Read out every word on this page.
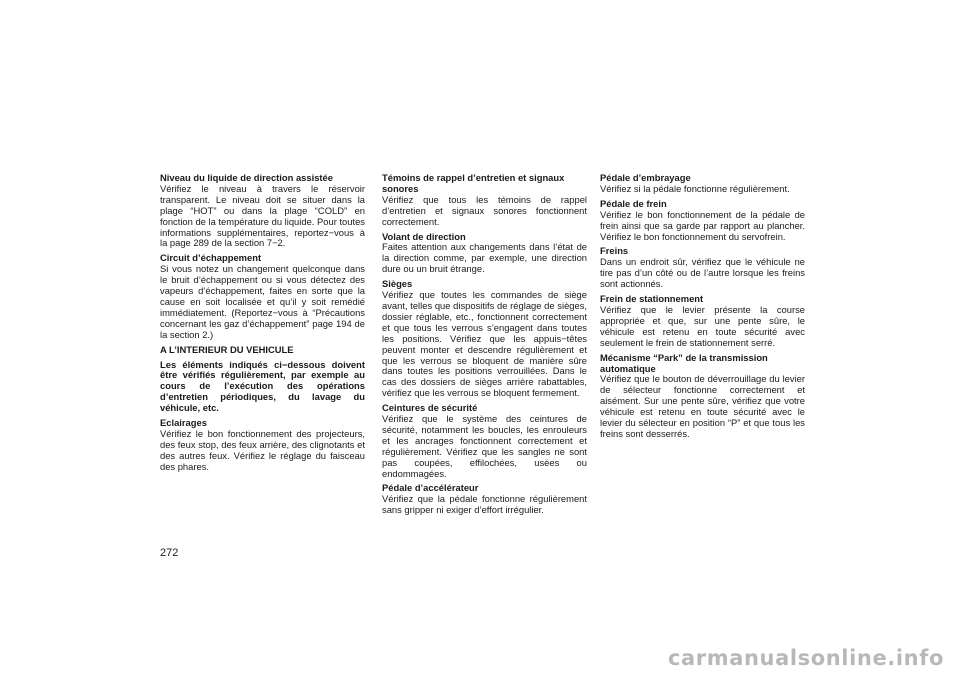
Niveau du liquide de direction assistée
Vérifiez le niveau à travers le réservoir transparent. Le niveau doit se situer dans la plage “HOT” ou dans la plage “COLD” en fonction de la température du liquide. Pour toutes informations supplémentaires, reportez−vous à la page 289 de la section 7−2.
Circuit d’échappement
Si vous notez un changement quelconque dans le bruit d’échappement ou si vous détectez des vapeurs d’échappement, faites en sorte que la cause en soit localisée et qu’il y soit remédié immédiatement. (Reportez−vous à “Précautions concernant les gaz d’échappement” page 194 de la section 2.)
A L’INTERIEUR DU VEHICULE
Les éléments indiqués ci−dessous doivent être vérifiés régulièrement, par exemple au cours de l’exécution des opérations d’entretien périodiques, du lavage du véhicule, etc.
Eclairages
Vérifiez le bon fonctionnement des projecteurs, des feux stop, des feux arrière, des clignotants et des autres feux. Vérifiez le réglage du faisceau des phares.
Témoins de rappel d’entretien et signaux sonores
Vérifiez que tous les témoins de rappel d’entretien et signaux sonores fonctionnent correctement.
Volant de direction
Faites attention aux changements dans l’état de la direction comme, par exemple, une direction dure ou un bruit étrange.
Sièges
Vérifiez que toutes les commandes de siège avant, telles que dispositifs de réglage de sièges, dossier réglable, etc., fonctionnent correctement et que tous les verrous s’engagent dans toutes les positions. Vérifiez que les appuis−têtes peuvent monter et descendre régulièrement et que les verrous se bloquent de manière sûre dans toutes les positions verrouillées. Dans le cas des dossiers de sièges arrière rabattables, vérifiez que les verrous se bloquent fermement.
Ceintures de sécurité
Vérifiez que le système des ceintures de sécurité, notamment les boucles, les enrouleurs et les ancrages fonctionnent correctement et régulièrement. Vérifiez que les sangles ne sont pas coupées, effilochées, usées ou endommagées.
Pédale d’accélérateur
Vérifiez que la pédale fonctionne régulièrement sans gripper ni exiger d’effort irrégulier.
Pédale d’embrayage
Vérifiez si la pédale fonctionne régulièrement.
Pédale de frein
Vérifiez le bon fonctionnement de la pédale de frein ainsi que sa garde par rapport au plancher. Vérifiez le bon fonctionnement du servofrein.
Freins
Dans un endroit sûr, vérifiez que le véhicule ne tire pas d’un côté ou de l’autre lorsque les freins sont actionnés.
Frein de stationnement
Vérifiez que le levier présente la course appropriée et que, sur une pente sûre, le véhicule est retenu en toute sécurité avec seulement le frein de stationnement serré.
Mécanisme “Park” de la transmission automatique
Vérifiez que le bouton de déverrouillage du levier de sélecteur fonctionne correctement et aisément. Sur une pente sûre, vérifiez que votre véhicule est retenu en toute sécurité avec le levier du sélecteur en position “P” et que tous les freins sont desserrés.
272
carmanualsonline.info
